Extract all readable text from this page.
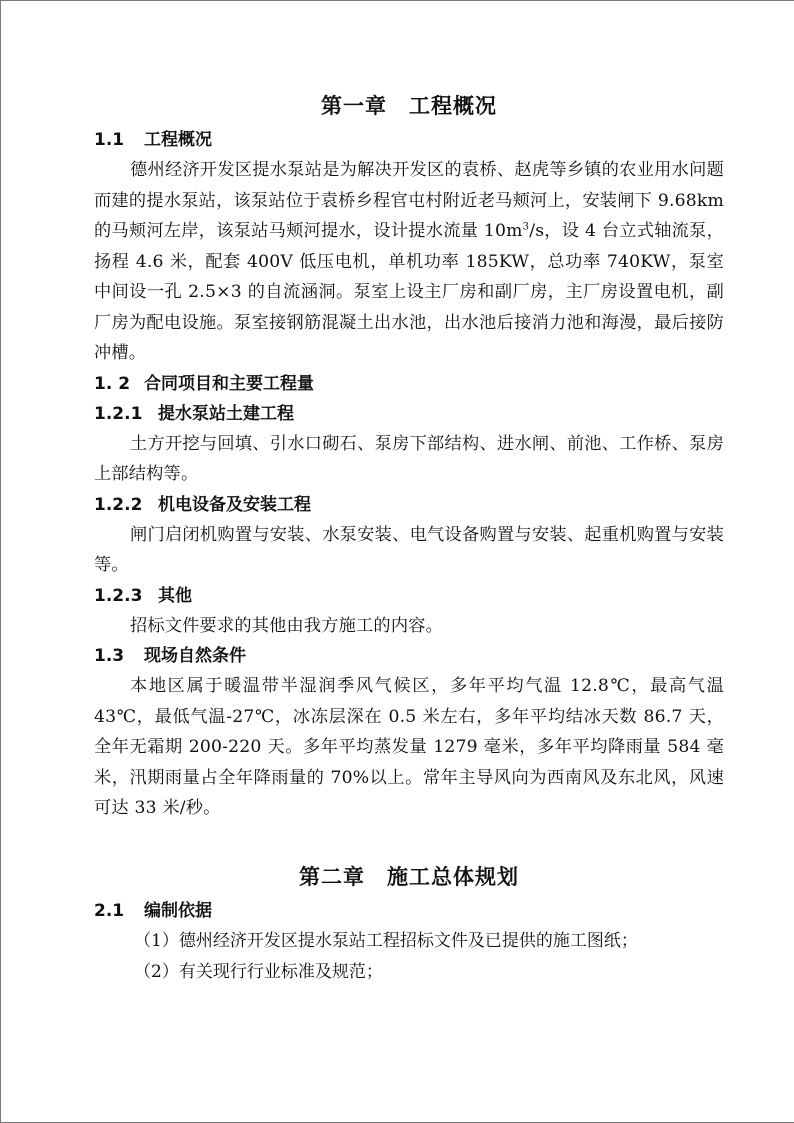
第一章 工程概况
1.1 工程概况

德州经济开发区提水泵站是为解决开发区的袁桥、赵虎等乡镇的农业用水问题而建的提水泵站，该泵站位于袁桥乡程官屯村附近老马颊河上，安装闸下 9.68km 的马颊河左岸，该泵站马颊河提水，设计提水流量 $10m^3/s$，设 4 台立式轴流泵，扬程 4.6 米，配套 400V 低压电机，单机功率 185KW，总功率 740KW，泵室中间设一孔 2.5×3 的自流涵洞。泵室上设主厂房和副厂房，主厂房设置电机，副厂房为配电设施。泵室接钢筋混凝土出水池，出水池后接消力池和海漫，最后接防冲槽。

1. 2 合同项目和主要工程量
1.2.1 提水泵站土建工程

土方开挖与回填、引水口砌石、泵房下部结构、进水闸、前池、工作桥、泵房上部结构等。

1.2.2 机电设备及安装工程

闸门启闭机购置与安装、水泵安装、电气设备购置与安装、起重机购置与安装等。

1.2.3 其他

招标文件要求的其他由我方施工的内容。

1.3 现场自然条件

本地区属于暖温带半湿润季风气候区，多年平均气温 12.8℃，最高气温 43℃，最低气温-27℃，冰冻层深在 0.5 米左右，多年平均结冰天数 86.7 天，全年无霜期 200-220 天。多年平均蒸发量 1279 毫米，多年平均降雨量 584 毫米，汛期雨量占全年降雨量的 70%以上。常年主导风向为西南风及东北风，风速可达 33 米/秒。

第二章 施工总体规划
2.1 编制依据

（1）德州经济开发区提水泵站工程招标文件及已提供的施工图纸；

（2）有关现行行业标准及规范；
